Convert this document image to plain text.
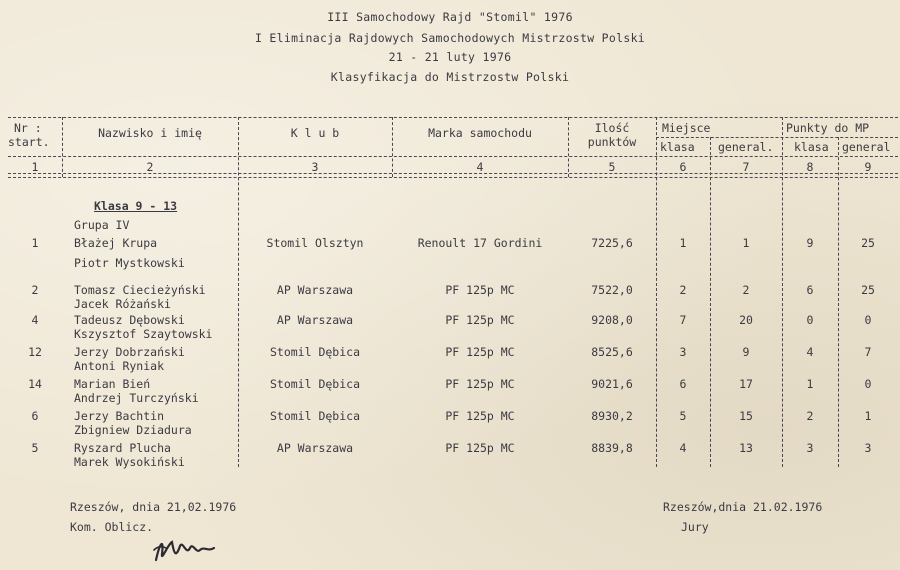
III Samochodowy Rajd "Stomil" 1976
I Eliminacja Rajdowych Samochodowych Mistrzostw Polski
21 - 21 luty 1976
Klasyfikacja do Mistrzostw Polski
Nr :
start.
Nazwisko i imię	K l u b	Marka samochodu	Ilość
punktów
Miejsce
klasa general.
Punkty do MP
klasa general
1	2	3	4	5	6	7	8	9
Klasa 9 - 13
Grupa IV
1	Błażej Krupa	Stomil Olsztyn	Renoult 17 Gordini	7225,6	1	1	9	25
Piotr Mystkowski
2	Tomasz Ciecieżyński	AP Warszawa	PF 125p MC	7522,0	2	2	6	25
Jacek Różański
4	Tadeusz Dębowski	AP Warszawa	PF 125p MC	9208,0	7	20	0	0
Kszysztof Szaytowski
12	Jerzy Dobrzański	Stomil Dębica	PF 125p MC	8525,6	3	9	4	7
Antoni Ryniak
14	Marian Bień	Stomil Dębica	PF 125p MC	9021,6	6	17	1	0
Andrzej Turczyński
6	Jerzy Bachtin	Stomil Dębica	PF 125p MC	8930,2	5	15	2	1
Zbigniew Dziadura
5	Ryszard Plucha	AP Warszawa	PF 125p MC	8839,8	4	13	3	3
Marek Wysokiński
Rzeszów, dnia 21,02.1976
Kom. Oblicz.
Rzeszów,dnia 21.02.1976
Jury
